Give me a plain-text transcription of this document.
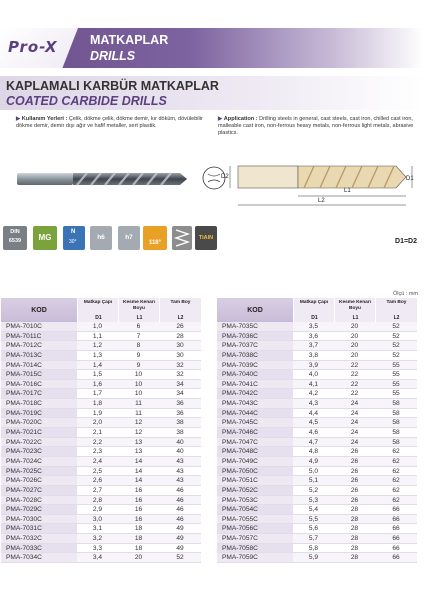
Pro-X	MATKAPLAR
DRILLS
KAPLAMALI KARBÜR MATKAPLAR
COATED CARBIDE DRILLS
▶ Kullanım Yerleri : Çelik, dökme çelik, dökme demir, kır döküm, dövülebilir dökme demir, demir dışı ağır ve hafif metaller, sert plastik.
▶ Application : Drilling steels in general, cast steels, cast iron, chilled cast iron, malleable cast iron, non-ferrous heavy metals, non-ferrous light metals, abrasive plastics.
D2	D1
L1
L2
DIN
6539	MG
N
30°
h6	h7
118°
TiAlN	D1=D2
Ölçü : mm
KOD
Matkap Çapı
D1
Kesme Kenarı Boyu
L1
Tam Boy
L2
PMA-7010C	1,0	6	26
PMA-7011C	1,1	7	28
PMA-7012C	1,2	8	30
PMA-7013C	1,3	9	30
PMA-7014C	1,4	9	32
PMA-7015C	1,5	10	32
PMA-7016C	1,6	10	34
PMA-7017C	1,7	10	34
PMA-7018C	1,8	11	36
PMA-7019C	1,9	11	36
PMA-7020C	2,0	12	38
PMA-7021C	2,1	12	38
PMA-7022C	2,2	13	40
PMA-7023C	2,3	13	40
PMA-7024C	2,4	14	43
PMA-7025C	2,5	14	43
PMA-7026C	2,6	14	43
PMA-7027C	2,7	16	46
PMA-7028C	2,8	16	46
PMA-7029C	2,9	16	46
PMA-7030C	3,0	16	46
PMA-7031C	3,1	18	49
PMA-7032C	3,2	18	49
PMA-7033C	3,3	18	49
PMA-7034C	3,4	20	52
KOD
Matkap Çapı
D1
Kesme Kenarı Boyu
L1
Tam Boy
L2
PMA-7035C	3,5	20	52
PMA-7036C	3,6	20	52
PMA-7037C	3,7	20	52
PMA-7038C	3,8	20	52
PMA-7039C	3,9	22	55
PMA-7040C	4,0	22	55
PMA-7041C	4,1	22	55
PMA-7042C	4,2	22	55
PMA-7043C	4,3	24	58
PMA-7044C	4,4	24	58
PMA-7045C	4,5	24	58
PMA-7046C	4,6	24	58
PMA-7047C	4,7	24	58
PMA-7048C	4,8	26	62
PMA-7049C	4,9	26	62
PMA-7050C	5,0	26	62
PMA-7051C	5,1	26	62
PMA-7052C	5,2	26	62
PMA-7053C	5,3	26	62
PMA-7054C	5,4	28	66
PMA-7055C	5,5	28	66
PMA-7056C	5,6	28	66
PMA-7057C	5,7	28	66
PMA-7058C	5,8	28	66
PMA-7059C	5,9	28	66
